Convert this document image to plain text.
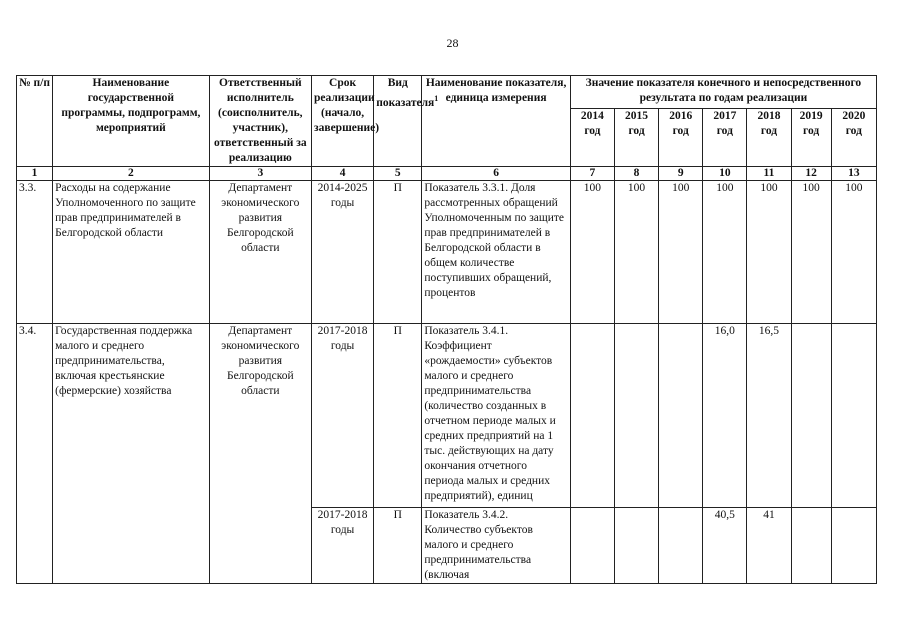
28
№ п/п	Наименование государственной программы, подпрограмм, мероприятий	Ответственный исполнитель (соисполнитель, участник), ответственный за реализацию	Срок реализации (начало, завершение)	Вид показателя$^1$	Наименование показателя, единица измерения	Значение показателя конечного и непосредственного результата по годам реализации						
						2014 год	2015 год	2016 год	2017 год	2018 год	2019 год	2020 год
1	2	3	4	5	6	7	8	9	10	11	12	13
3.3.	Расходы на содержание Уполномоченного по защите прав предпринимателей в Белгородской области	Департамент экономического развития Белгородской области	2014-2025 годы	П	Показатель 3.3.1. Доля рассмотренных обращений Уполномоченным по защите прав предпринимателей в Белгородской области в общем количестве поступивших обращений, процентов	100	100	100	100	100	100	100
3.4.	Государственная поддержка малого и среднего предпринимательства, включая крестьянские (фермерские) хозяйства	Департамент экономического развития Белгородской области	2017-2018 годы	П	Показатель 3.4.1. Коэффициент «рождаемости» субъектов малого и среднего предпринимательства (количество созданных в отчетном периоде малых и средних предприятий на 1 тыс. действующих на дату окончания отчетного периода малых и средних предприятий), единиц				16,0	16,5		
			2017-2018 годы	П	Показатель 3.4.2. Количество субъектов малого и среднего предпринимательства (включая				40,5	41		
